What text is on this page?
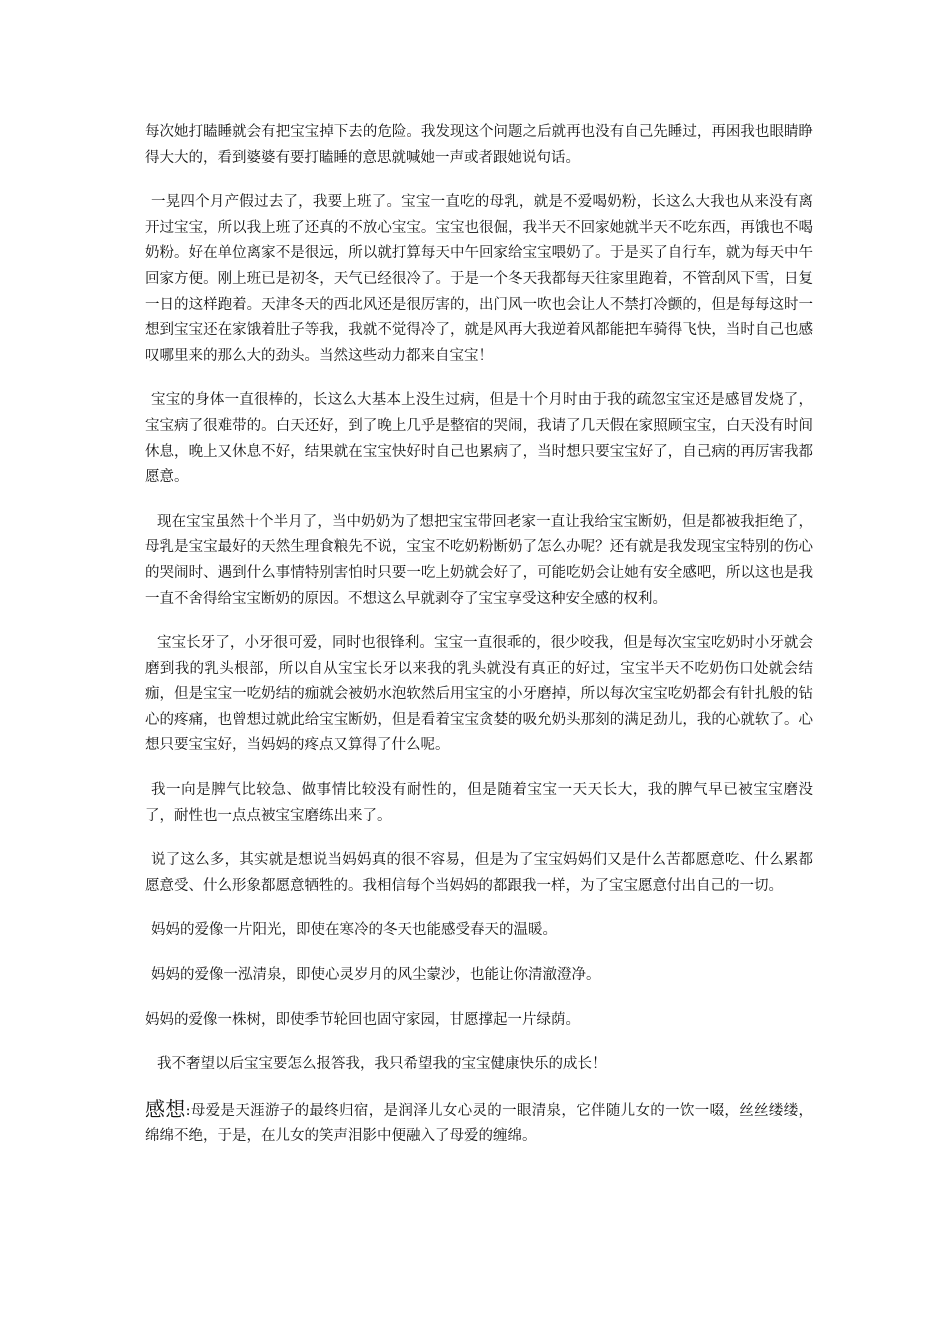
每次她打瞌睡就会有把宝宝掉下去的危险。我发现这个问题之后就再也没有自己先睡过，再困我也眼睛睁得大大的，看到婆婆有要打瞌睡的意思就喊她一声或者跟她说句话。

一晃四个月产假过去了，我要上班了。宝宝一直吃的母乳，就是不爱喝奶粉，长这么大我也从来没有离开过宝宝，所以我上班了还真的不放心宝宝。宝宝也很倔，我半天不回家她就半天不吃东西，再饿也不喝奶粉。好在单位离家不是很远，所以就打算每天中午回家给宝宝喂奶了。于是买了自行车，就为每天中午回家方便。刚上班已是初冬，天气已经很冷了。于是一个冬天我都每天往家里跑着，不管刮风下雪，日复一日的这样跑着。天津冬天的西北风还是很厉害的，出门风一吹也会让人不禁打冷颤的，但是每每这时一想到宝宝还在家饿着肚子等我，我就不觉得冷了，就是风再大我逆着风都能把车骑得飞快，当时自己也感叹哪里来的那么大的劲头。当然这些动力都来自宝宝！

宝宝的身体一直很棒的，长这么大基本上没生过病，但是十个月时由于我的疏忽宝宝还是感冒发烧了，宝宝病了很难带的。白天还好，到了晚上几乎是整宿的哭闹，我请了几天假在家照顾宝宝，白天没有时间休息，晚上又休息不好，结果就在宝宝快好时自己也累病了，当时想只要宝宝好了，自己病的再厉害我都愿意。

现在宝宝虽然十个半月了，当中奶奶为了想把宝宝带回老家一直让我给宝宝断奶，但是都被我拒绝了，母乳是宝宝最好的天然生理食粮先不说，宝宝不吃奶粉断奶了怎么办呢？还有就是我发现宝宝特别的伤心的哭闹时、遇到什么事情特别害怕时只要一吃上奶就会好了，可能吃奶会让她有安全感吧，所以这也是我一直不舍得给宝宝断奶的原因。不想这么早就剥夺了宝宝享受这种安全感的权利。

宝宝长牙了，小牙很可爱，同时也很锋利。宝宝一直很乖的，很少咬我，但是每次宝宝吃奶时小牙就会磨到我的乳头根部，所以自从宝宝长牙以来我的乳头就没有真正的好过，宝宝半天不吃奶伤口处就会结痂，但是宝宝一吃奶结的痂就会被奶水泡软然后用宝宝的小牙磨掉，所以每次宝宝吃奶都会有针扎般的钻心的疼痛，也曾想过就此给宝宝断奶，但是看着宝宝贪婪的吸允奶头那刻的满足劲儿，我的心就软了。心想只要宝宝好，当妈妈的疼点又算得了什么呢。

我一向是脾气比较急、做事情比较没有耐性的，但是随着宝宝一天天长大，我的脾气早已被宝宝磨没了，耐性也一点点被宝宝磨练出来了。

说了这么多，其实就是想说当妈妈真的很不容易，但是为了宝宝妈妈们又是什么苦都愿意吃、什么累都愿意受、什么形象都愿意牺牲的。我相信每个当妈妈的都跟我一样，为了宝宝愿意付出自己的一切。

妈妈的爱像一片阳光，即使在寒冷的冬天也能感受春天的温暖。

妈妈的爱像一泓清泉，即使心灵岁月的风尘蒙沙，也能让你清澈澄净。

妈妈的爱像一株树，即使季节轮回也固守家园，甘愿撑起一片绿荫。

我不奢望以后宝宝要怎么报答我，我只希望我的宝宝健康快乐的成长！

感想:母爱是天涯游子的最终归宿，是润泽儿女心灵的一眼清泉，它伴随儿女的一饮一啜，丝丝缕缕，绵绵不绝，于是，在儿女的笑声泪影中便融入了母爱的缠绵。
